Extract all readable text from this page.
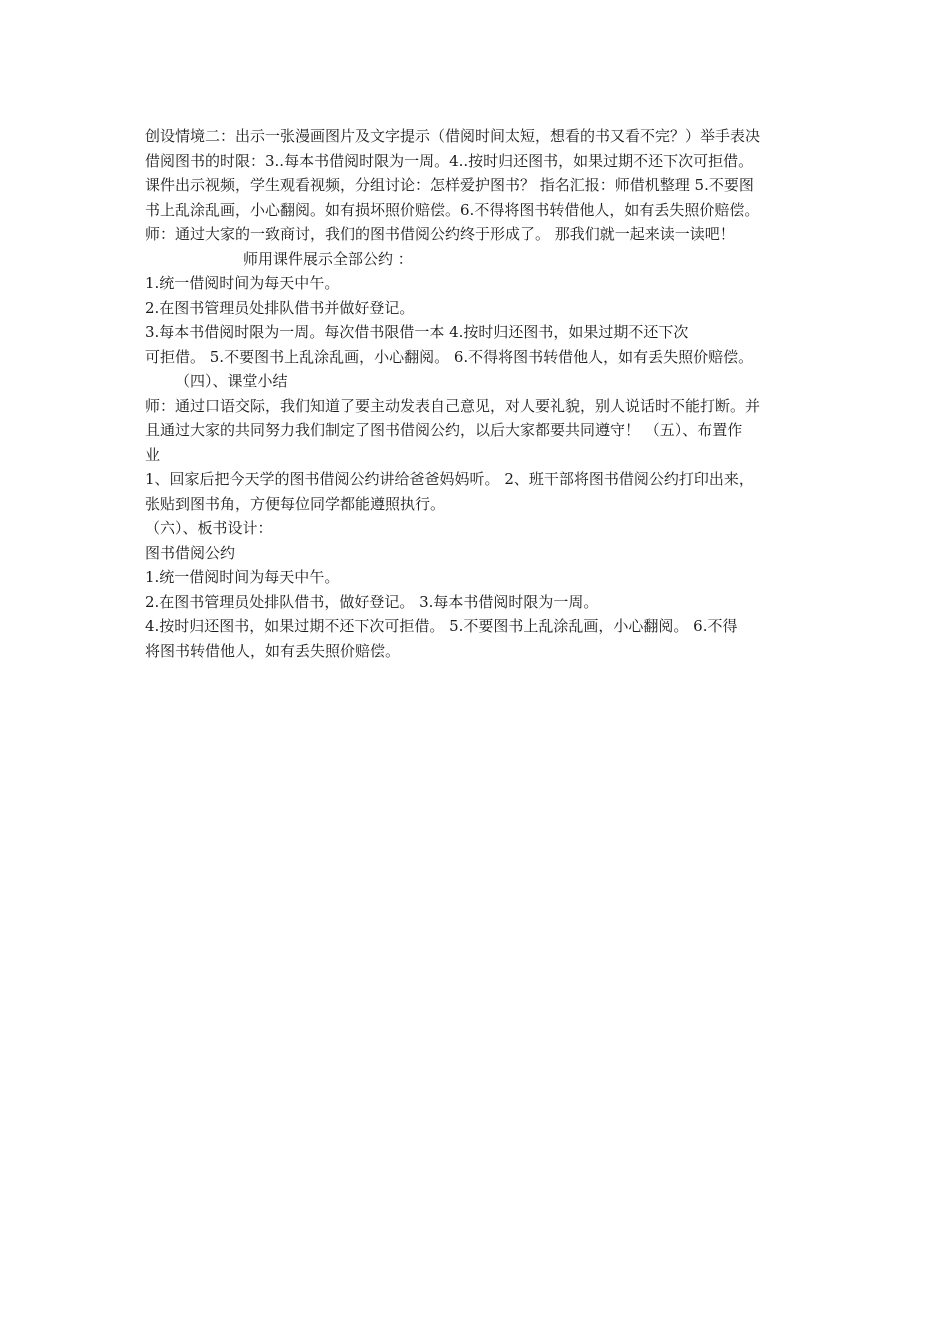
创设情境二：出示一张漫画图片及文字提示（借阅时间太短，想看的书又看不完？）举手表决
借阅图书的时限：3..每本书借阅时限为一周。4..按时归还图书，如果过期不还下次可拒借。
课件出示视频，学生观看视频，分组讨论：怎样爱护图书？ 指名汇报：师借机整理 5.不要图
书上乱涂乱画，小心翻阅。如有损坏照价赔偿。6.不得将图书转借他人，如有丢失照价赔偿。
师：通过大家的一致商讨，我们的图书借阅公约终于形成了。 那我们就一起来读一读吧！
师用课件展示全部公约 ：
1.统一借阅时间为每天中午。
2.在图书管理员处排队借书并做好登记。
3.每本书借阅时限为一周。每次借书限借一本 4.按时归还图书，如果过期不还下次
可拒借。 5.不要图书上乱涂乱画，小心翻阅。 6.不得将图书转借他人，如有丢失照价赔偿。
（四）、课堂小结
师：通过口语交际，我们知道了要主动发表自己意见，对人要礼貌，别人说话时不能打断。并
且通过大家的共同努力我们制定了图书借阅公约，以后大家都要共同遵守！ （五）、布置作
业
1、回家后把今天学的图书借阅公约讲给爸爸妈妈听。 2、班干部将图书借阅公约打印出来，
张贴到图书角，方便每位同学都能遵照执行。
（六）、板书设计：
图书借阅公约
1.统一借阅时间为每天中午。
2.在图书管理员处排队借书，做好登记。 3.每本书借阅时限为一周。
4.按时归还图书，如果过期不还下次可拒借。 5.不要图书上乱涂乱画，小心翻阅。 6.不得
将图书转借他人，如有丢失照价赔偿。
